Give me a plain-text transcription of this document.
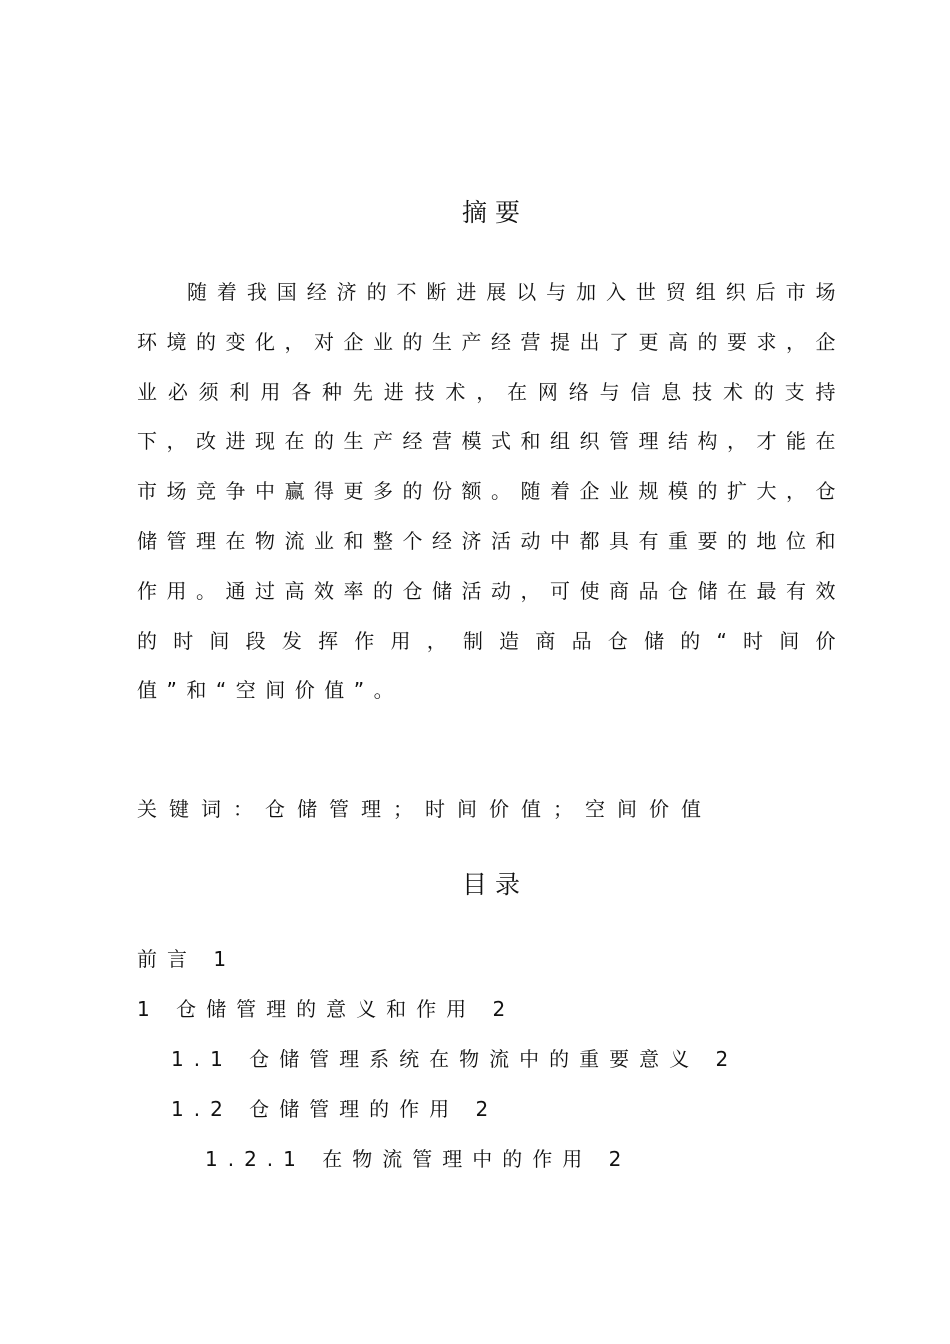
摘要

随着我国经济的不断进展以与加入世贸组织后市场环境的变化，对企业的生产经营提出了更高的要求，企业必须利用各种先进技术，在网络与信息技术的支持下，改进现在的生产经营模式和组织管理结构，才能在市场竞争中赢得更多的份额。随着企业规模的扩大，仓储管理在物流业和整个经济活动中都具有重要的地位和作用。通过高效率的仓储活动，可使商品仓储在最有效的时间段发挥作用，制造商品仓储的“时间价值”和“空间价值”。

关键词：仓储管理；时间价值；空间价值

目录
前言 1
1 仓储管理的意义和作用 2
1.1 仓储管理系统在物流中的重要意义 2
1.2 仓储管理的作用 2
1.2.1 在物流管理中的作用 2
